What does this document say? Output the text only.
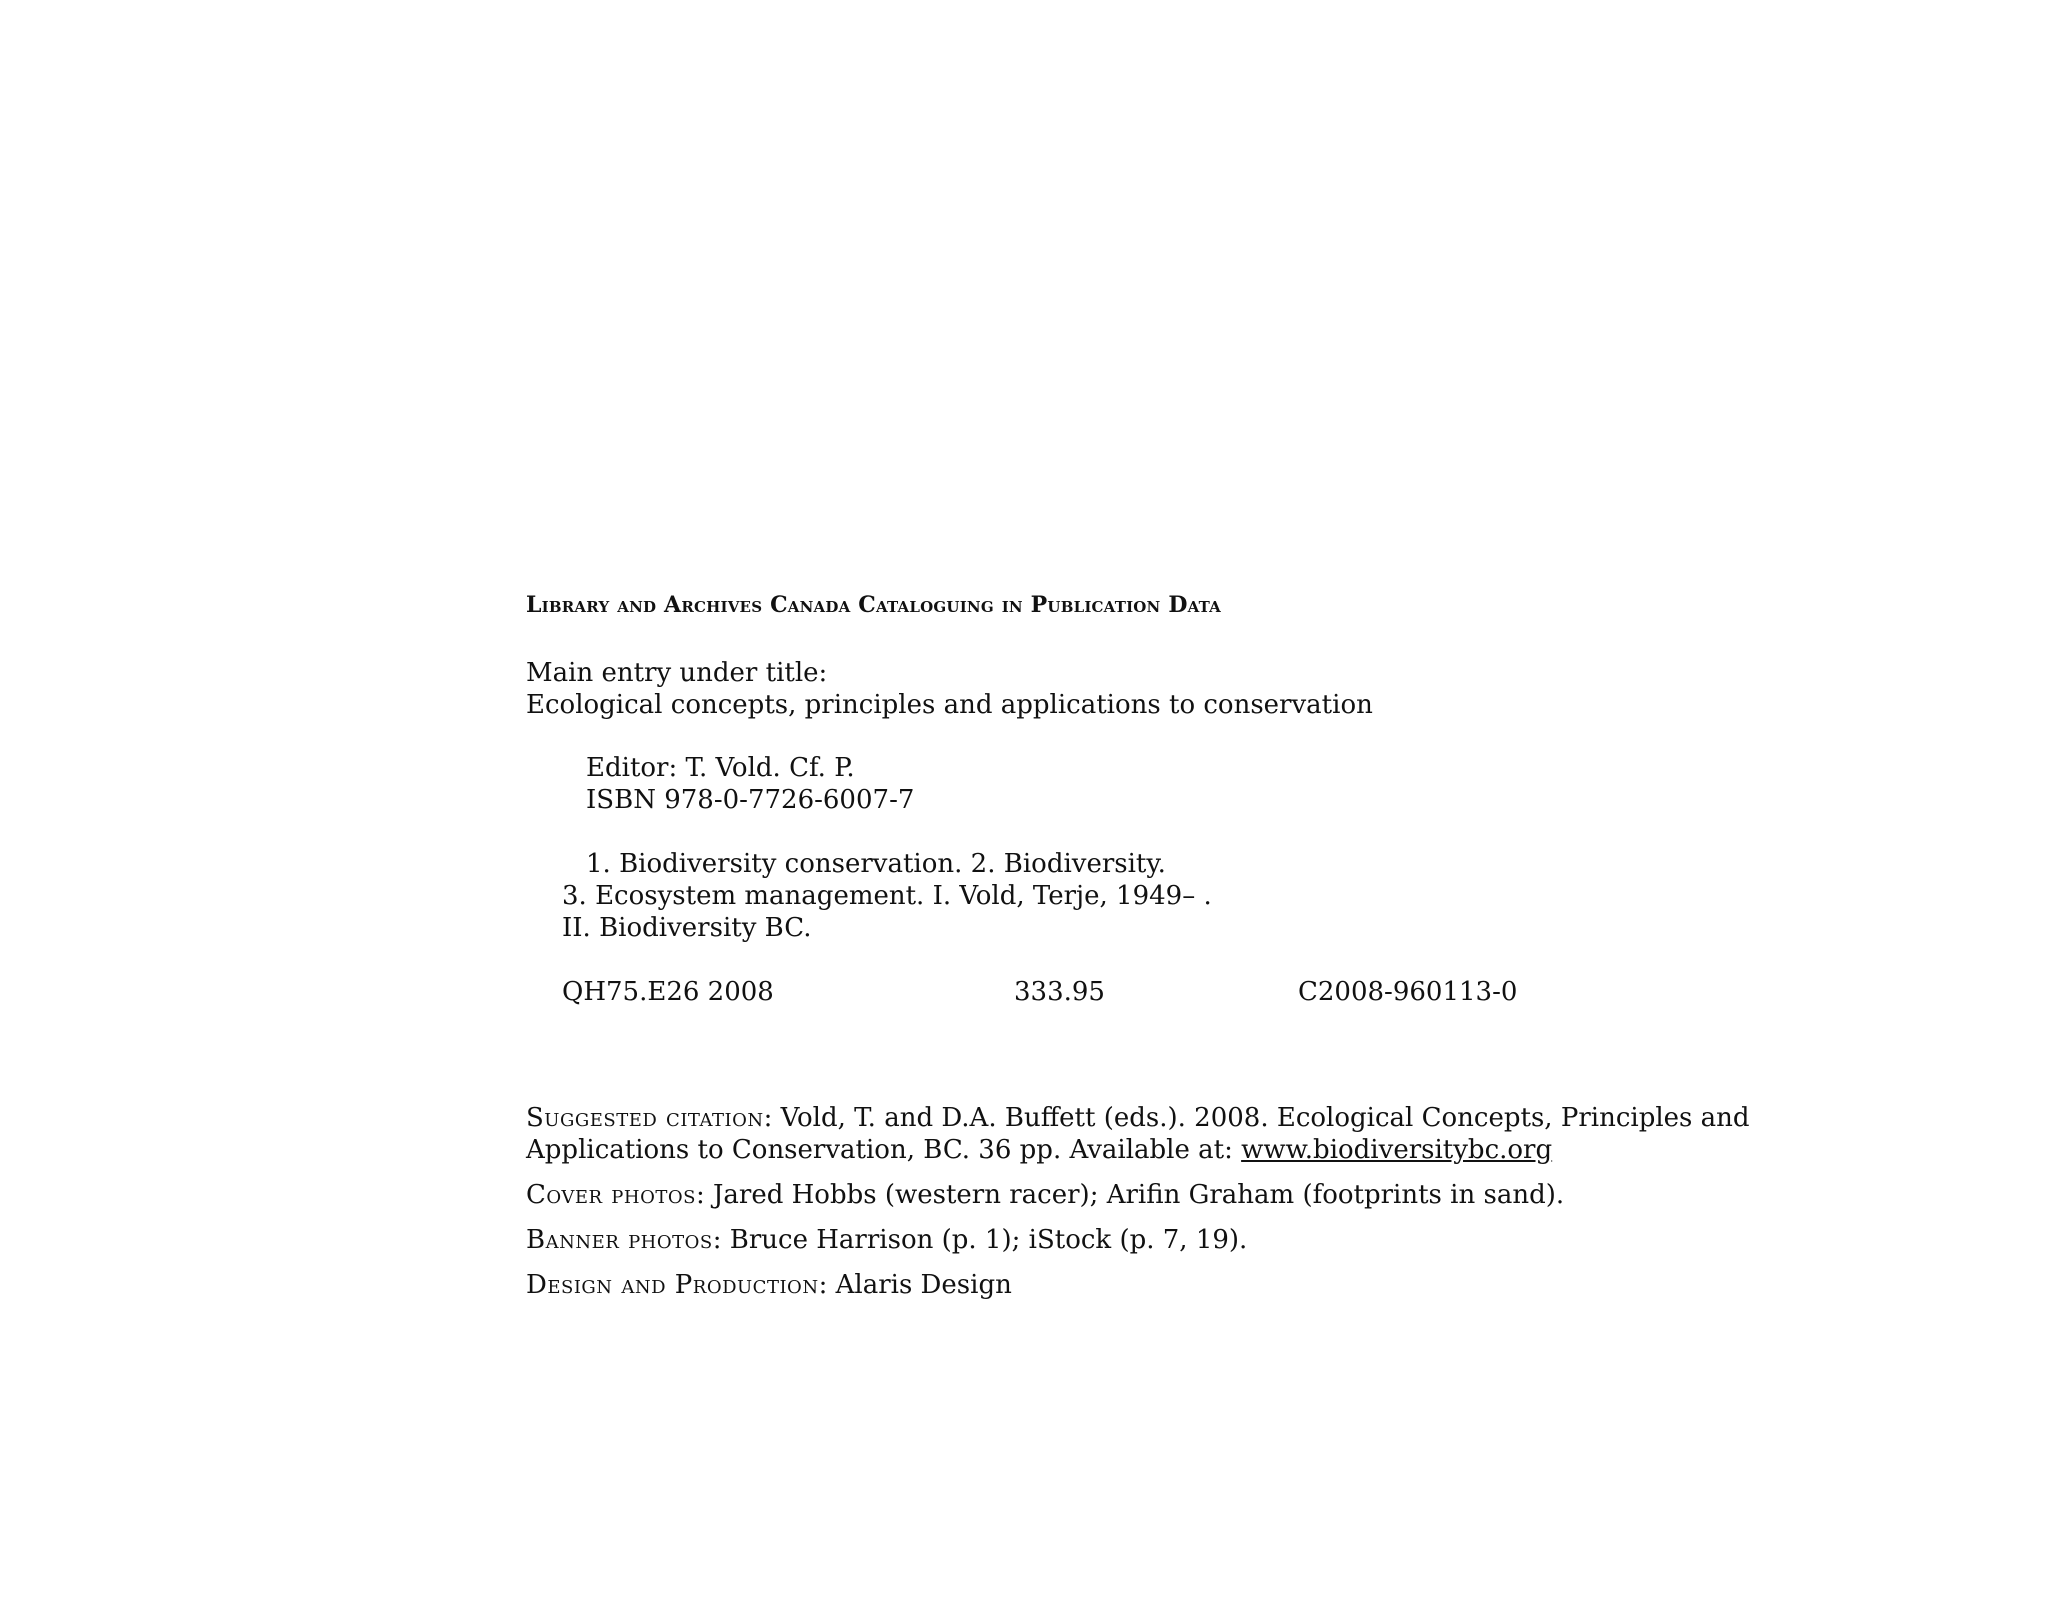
Library and Archives Canada Cataloguing in Publication Data
Main entry under title:
Ecological concepts, principles and applications to conservation
Editor: T. Vold. Cf. P.
ISBN 978-0-7726-6007-7
1. Biodiversity conservation. 2. Biodiversity.
3. Ecosystem management. I. Vold, Terje, 1949– .
II. Biodiversity BC.
QH75.E26 2008	333.95	C2008-960113-0

Suggested citation: Vold, T. and D.A. Buffett (eds.). 2008. Ecological Concepts, Principles and Applications to Conservation, BC. 36 pp. Available at: www.biodiversitybc.org

Cover photos: Jared Hobbs (western racer); Arifin Graham (footprints in sand).

Banner photos: Bruce Harrison (p. 1); iStock (p. 7, 19).

Design and Production: Alaris Design
